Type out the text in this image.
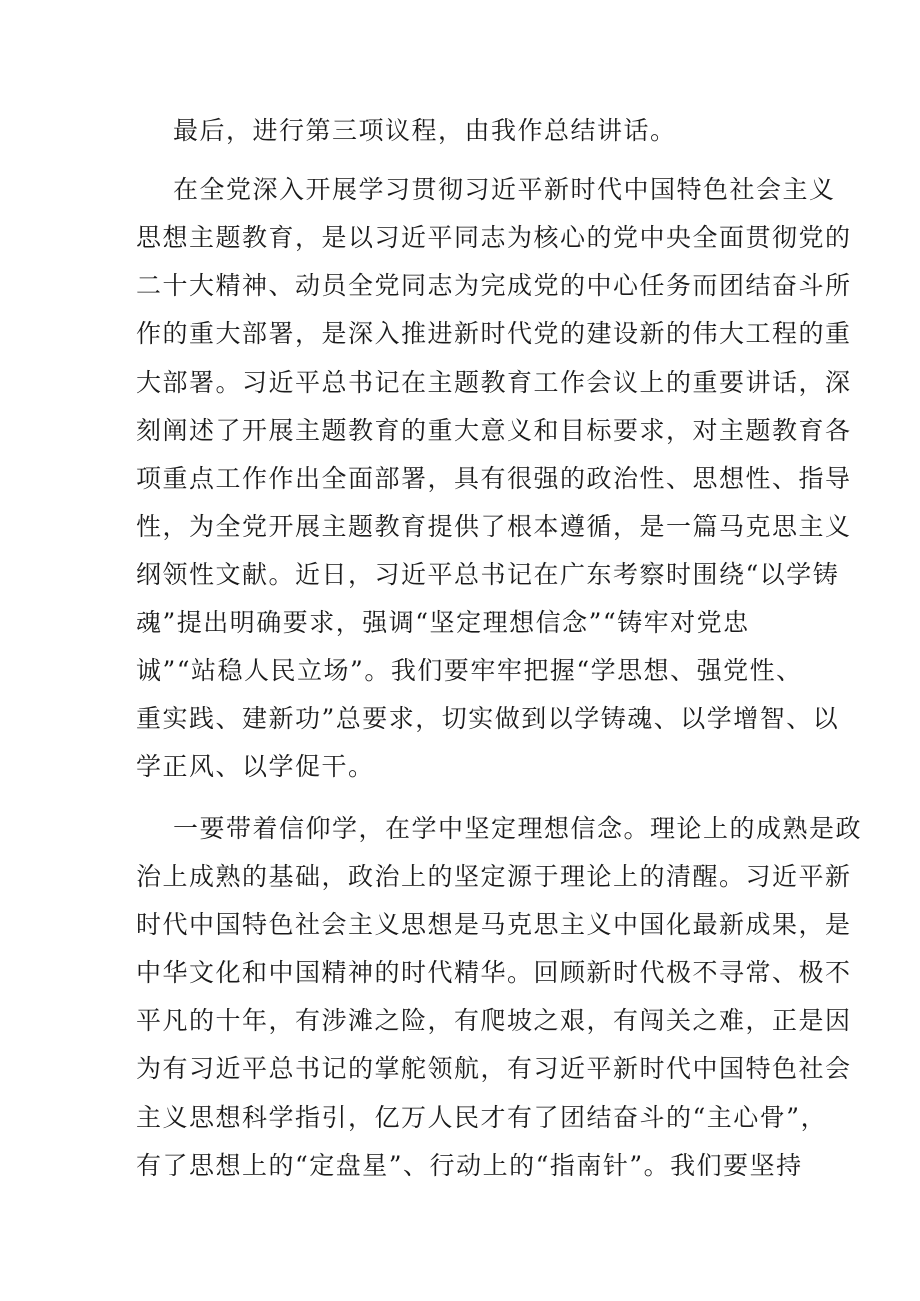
最后，进行第三项议程，由我作总结讲话。
在全党深入开展学习贯彻习近平新时代中国特色社会主义
思想主题教育，是以习近平同志为核心的党中央全面贯彻党的
二十大精神、动员全党同志为完成党的中心任务而团结奋斗所
作的重大部署，是深入推进新时代党的建设新的伟大工程的重
大部署。习近平总书记在主题教育工作会议上的重要讲话，深
刻阐述了开展主题教育的重大意义和目标要求，对主题教育各
项重点工作作出全面部署，具有很强的政治性、思想性、指导
性，为全党开展主题教育提供了根本遵循，是一篇马克思主义
纲领性文献。近日，习近平总书记在广东考察时围绕“以学铸
魂”提出明确要求，强调“坚定理想信念”“铸牢对党忠
诚”“站稳人民立场”。我们要牢牢把握“学思想、强党性、
重实践、建新功”总要求，切实做到以学铸魂、以学增智、以
学正风、以学促干。
一要带着信仰学，在学中坚定理想信念。理论上的成熟是政
治上成熟的基础，政治上的坚定源于理论上的清醒。习近平新
时代中国特色社会主义思想是马克思主义中国化最新成果，是
中华文化和中国精神的时代精华。回顾新时代极不寻常、极不
平凡的十年，有涉滩之险，有爬坡之艰，有闯关之难，正是因
为有习近平总书记的掌舵领航，有习近平新时代中国特色社会
主义思想科学指引，亿万人民才有了团结奋斗的“主心骨”，
有了思想上的“定盘星”、行动上的“指南针”。我们要坚持
